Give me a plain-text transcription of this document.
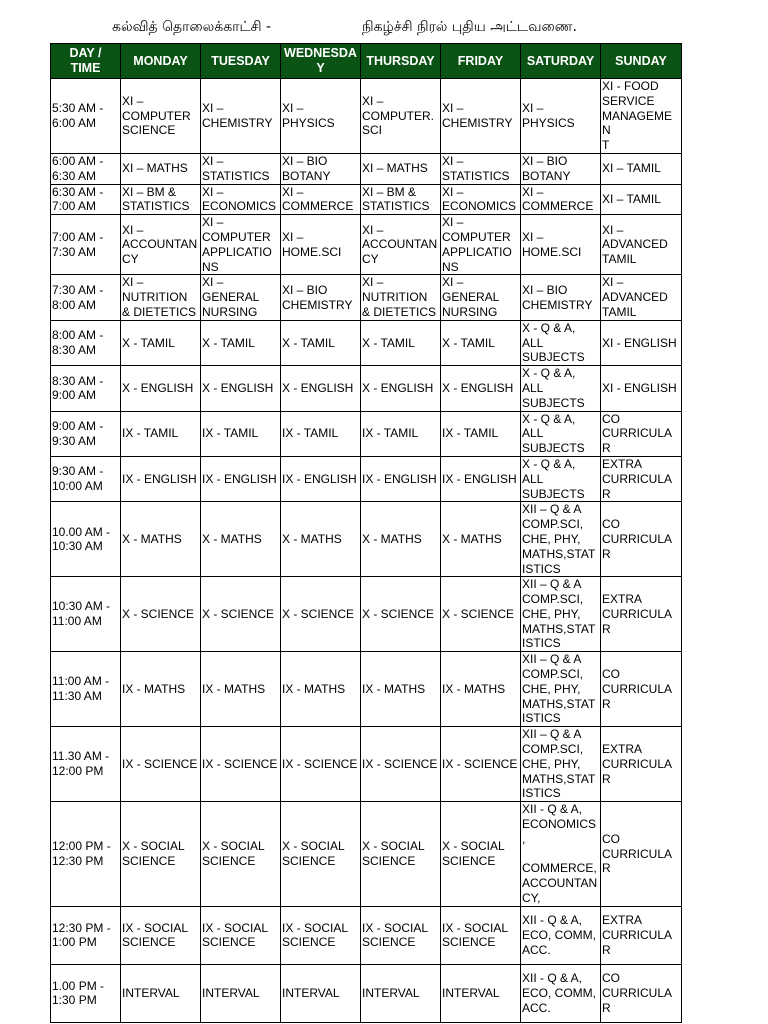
கல்வித் தொலைக்காட்சி -	நிகழ்ச்சி நிரல் புதிய அட்டவணை.
DAY /
TIME	MONDAY	TUESDAY	WEDNESDA
Y	THURSDAY	FRIDAY	SATURDAY	SUNDAY
5:30 AM -
6:00 AM	XI –
COMPUTER
SCIENCE	XI –
CHEMISTRY	XI – PHYSICS	XI –
COMPUTER.
SCI	XI –
CHEMISTRY	XI – PHYSICS	XI - FOOD
SERVICE
MANAGEMEN
T
6:00 AM -
6:30 AM	XI – MATHS	XI –
STATISTICS	XI – BIO
BOTANY	XI – MATHS	XI –
STATISTICS	XI – BIO
BOTANY	XI – TAMIL
6:30 AM -
7:00 AM	XI – BM &
STATISTICS	XI –
ECONOMICS	XI –
COMMERCE	XI – BM &
STATISTICS	XI –
ECONOMICS	XI –
COMMERCE	XI – TAMIL
7:00 AM -
7:30 AM	XI –
ACCOUNTAN
CY	XI –
COMPUTER
APPLICATIO
NS	XI –
HOME.SCI	XI –
ACCOUNTAN
CY	XI –
COMPUTER
APPLICATIO
NS	XI –
HOME.SCI	XI –
ADVANCED
TAMIL
7:30 AM -
8:00 AM	XI –
NUTRITION
& DIETETICS	XI –
GENERAL
NURSING	XI – BIO
CHEMISTRY	XI –
NUTRITION
& DIETETICS	XI –
GENERAL
NURSING	XI – BIO
CHEMISTRY	XI –
ADVANCED
TAMIL
8:00 AM -
8:30 AM	X - TAMIL	X - TAMIL	X - TAMIL	X - TAMIL	X - TAMIL	X - Q & A,
ALL
SUBJECTS	XI - ENGLISH
8:30 AM -
9:00 AM	X - ENGLISH	X - ENGLISH	X - ENGLISH	X - ENGLISH	X - ENGLISH	X - Q & A,
ALL
SUBJECTS	XI - ENGLISH
9:00 AM -
9:30 AM	IX - TAMIL	IX - TAMIL	IX - TAMIL	IX - TAMIL	IX - TAMIL	X - Q & A,
ALL
SUBJECTS	CO
CURRICULA
R
9:30 AM -
10:00 AM	IX - ENGLISH	IX - ENGLISH	IX - ENGLISH	IX - ENGLISH	IX - ENGLISH	X - Q & A,
ALL
SUBJECTS	EXTRA
CURRICULA
R
10.00 AM -
10:30 AM	X - MATHS	X - MATHS	X - MATHS	X - MATHS	X - MATHS	XII – Q & A
COMP.SCI,
CHE, PHY,
MATHS,STAT
ISTICS	CO
CURRICULA
R
10:30 AM -
11:00 AM	X - SCIENCE	X - SCIENCE	X - SCIENCE	X - SCIENCE	X - SCIENCE	XII – Q & A
COMP.SCI,
CHE, PHY,
MATHS,STAT
ISTICS	EXTRA
CURRICULA
R
11:00 AM -
11:30 AM	IX - MATHS	IX - MATHS	IX - MATHS	IX - MATHS	IX - MATHS	XII – Q & A
COMP.SCI,
CHE, PHY,
MATHS,STAT
ISTICS	CO
CURRICULA
R
11.30 AM -
12:00 PM	IX - SCIENCE	IX - SCIENCE	IX - SCIENCE	IX - SCIENCE	IX - SCIENCE	XII – Q & A
COMP.SCI,
CHE, PHY,
MATHS,STAT
ISTICS	EXTRA
CURRICULA
R
12:00 PM -
12:30 PM	X - SOCIAL
SCIENCE	X - SOCIAL
SCIENCE	X - SOCIAL
SCIENCE	X - SOCIAL
SCIENCE	X - SOCIAL
SCIENCE	XII - Q & A,
ECONOMICS,

COMMERCE,
ACCOUNTAN
CY,	CO
CURRICULA
R
12:30 PM -
1:00 PM	IX - SOCIAL
SCIENCE	IX - SOCIAL
SCIENCE	IX - SOCIAL
SCIENCE	IX - SOCIAL
SCIENCE	IX - SOCIAL
SCIENCE	XII - Q & A,
ECO, COMM,
ACC.	EXTRA
CURRICULA
R
1.00 PM -
1:30 PM	INTERVAL	INTERVAL	INTERVAL	INTERVAL	INTERVAL	XII - Q & A,
ECO, COMM,
ACC.	CO
CURRICULA
R
